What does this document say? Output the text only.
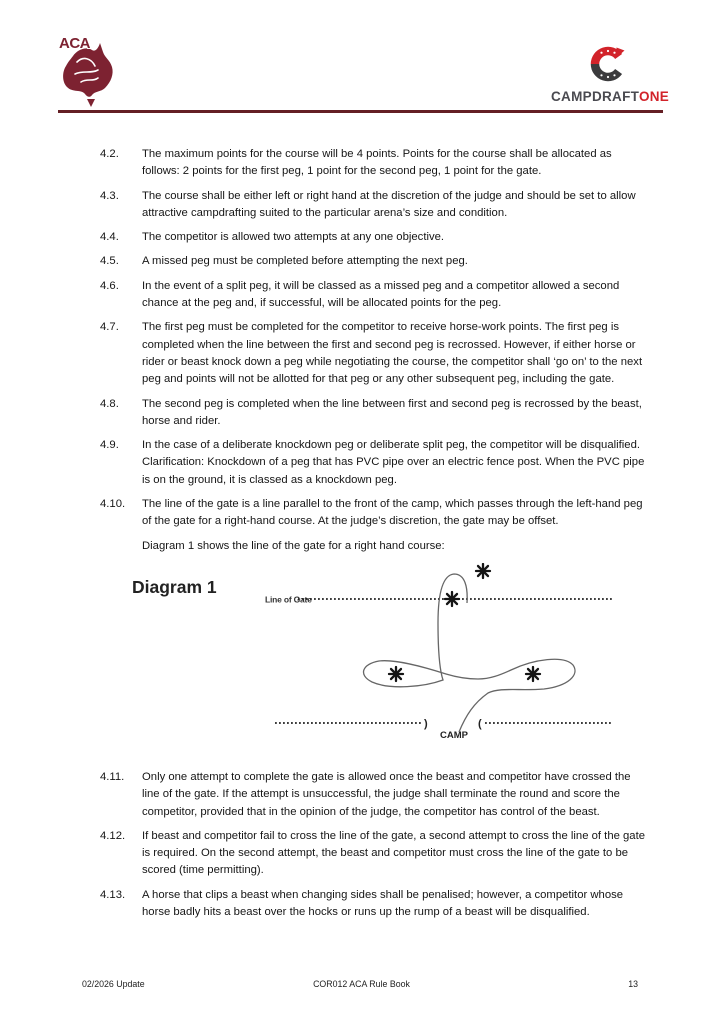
ACA
CAMPDRAFTONE
4.2.	The maximum points for the course will be 4 points. Points for the course shall be allocated as follows: 2 points for the first peg, 1 point for the second peg, 1 point for the gate.
4.3.	The course shall be either left or right hand at the discretion of the judge and should be set to allow attractive campdrafting suited to the particular arena’s size and condition.
4.4.	The competitor is allowed two attempts at any one objective.
4.5.	A missed peg must be completed before attempting the next peg.
4.6.	In the event of a split peg, it will be classed as a missed peg and a competitor allowed a second chance at the peg and, if successful, will be allocated points for the peg.
4.7.	The first peg must be completed for the competitor to receive horse-work points. The first peg is completed when the line between the first and second peg is recrossed. However, if either horse or rider or beast knock down a peg while negotiating the course, the competitor shall ‘go on’ to the next peg and points will not be allotted for that peg or any other subsequent peg, including the gate.
4.8.	The second peg is completed when the line between first and second peg is recrossed by the beast, horse and rider.
4.9.	In the case of a deliberate knockdown peg or deliberate split peg, the competitor will be disqualified. Clarification: Knockdown of a peg that has PVC pipe over an electric fence post. When the PVC pipe is on the ground, it is classed as a knockdown peg.
4.10.	The line of the gate is a line parallel to the front of the camp, which passes through the left-hand peg of the gate for a right-hand course. At the judge’s discretion, the gate may be offset.
Diagram 1 shows the line of the gate for a right hand course:
Diagram 1
Line of Gate
)	(
CAMP
4.11.	Only one attempt to complete the gate is allowed once the beast and competitor have crossed the line of the gate. If the attempt is unsuccessful, the judge shall terminate the round and score the competitor, provided that in the opinion of the judge, the competitor has control of the beast.
4.12.	If beast and competitor fail to cross the line of the gate, a second attempt to cross the line of the gate is required. On the second attempt, the beast and competitor must cross the line of the gate to be scored (time permitting).
4.13.	A horse that clips a beast when changing sides shall be penalised; however, a competitor whose horse badly hits a beast over the hocks or runs up the rump of a beast will be disqualified.
COR012 ACA Rule Book
02/2026 Update	13
